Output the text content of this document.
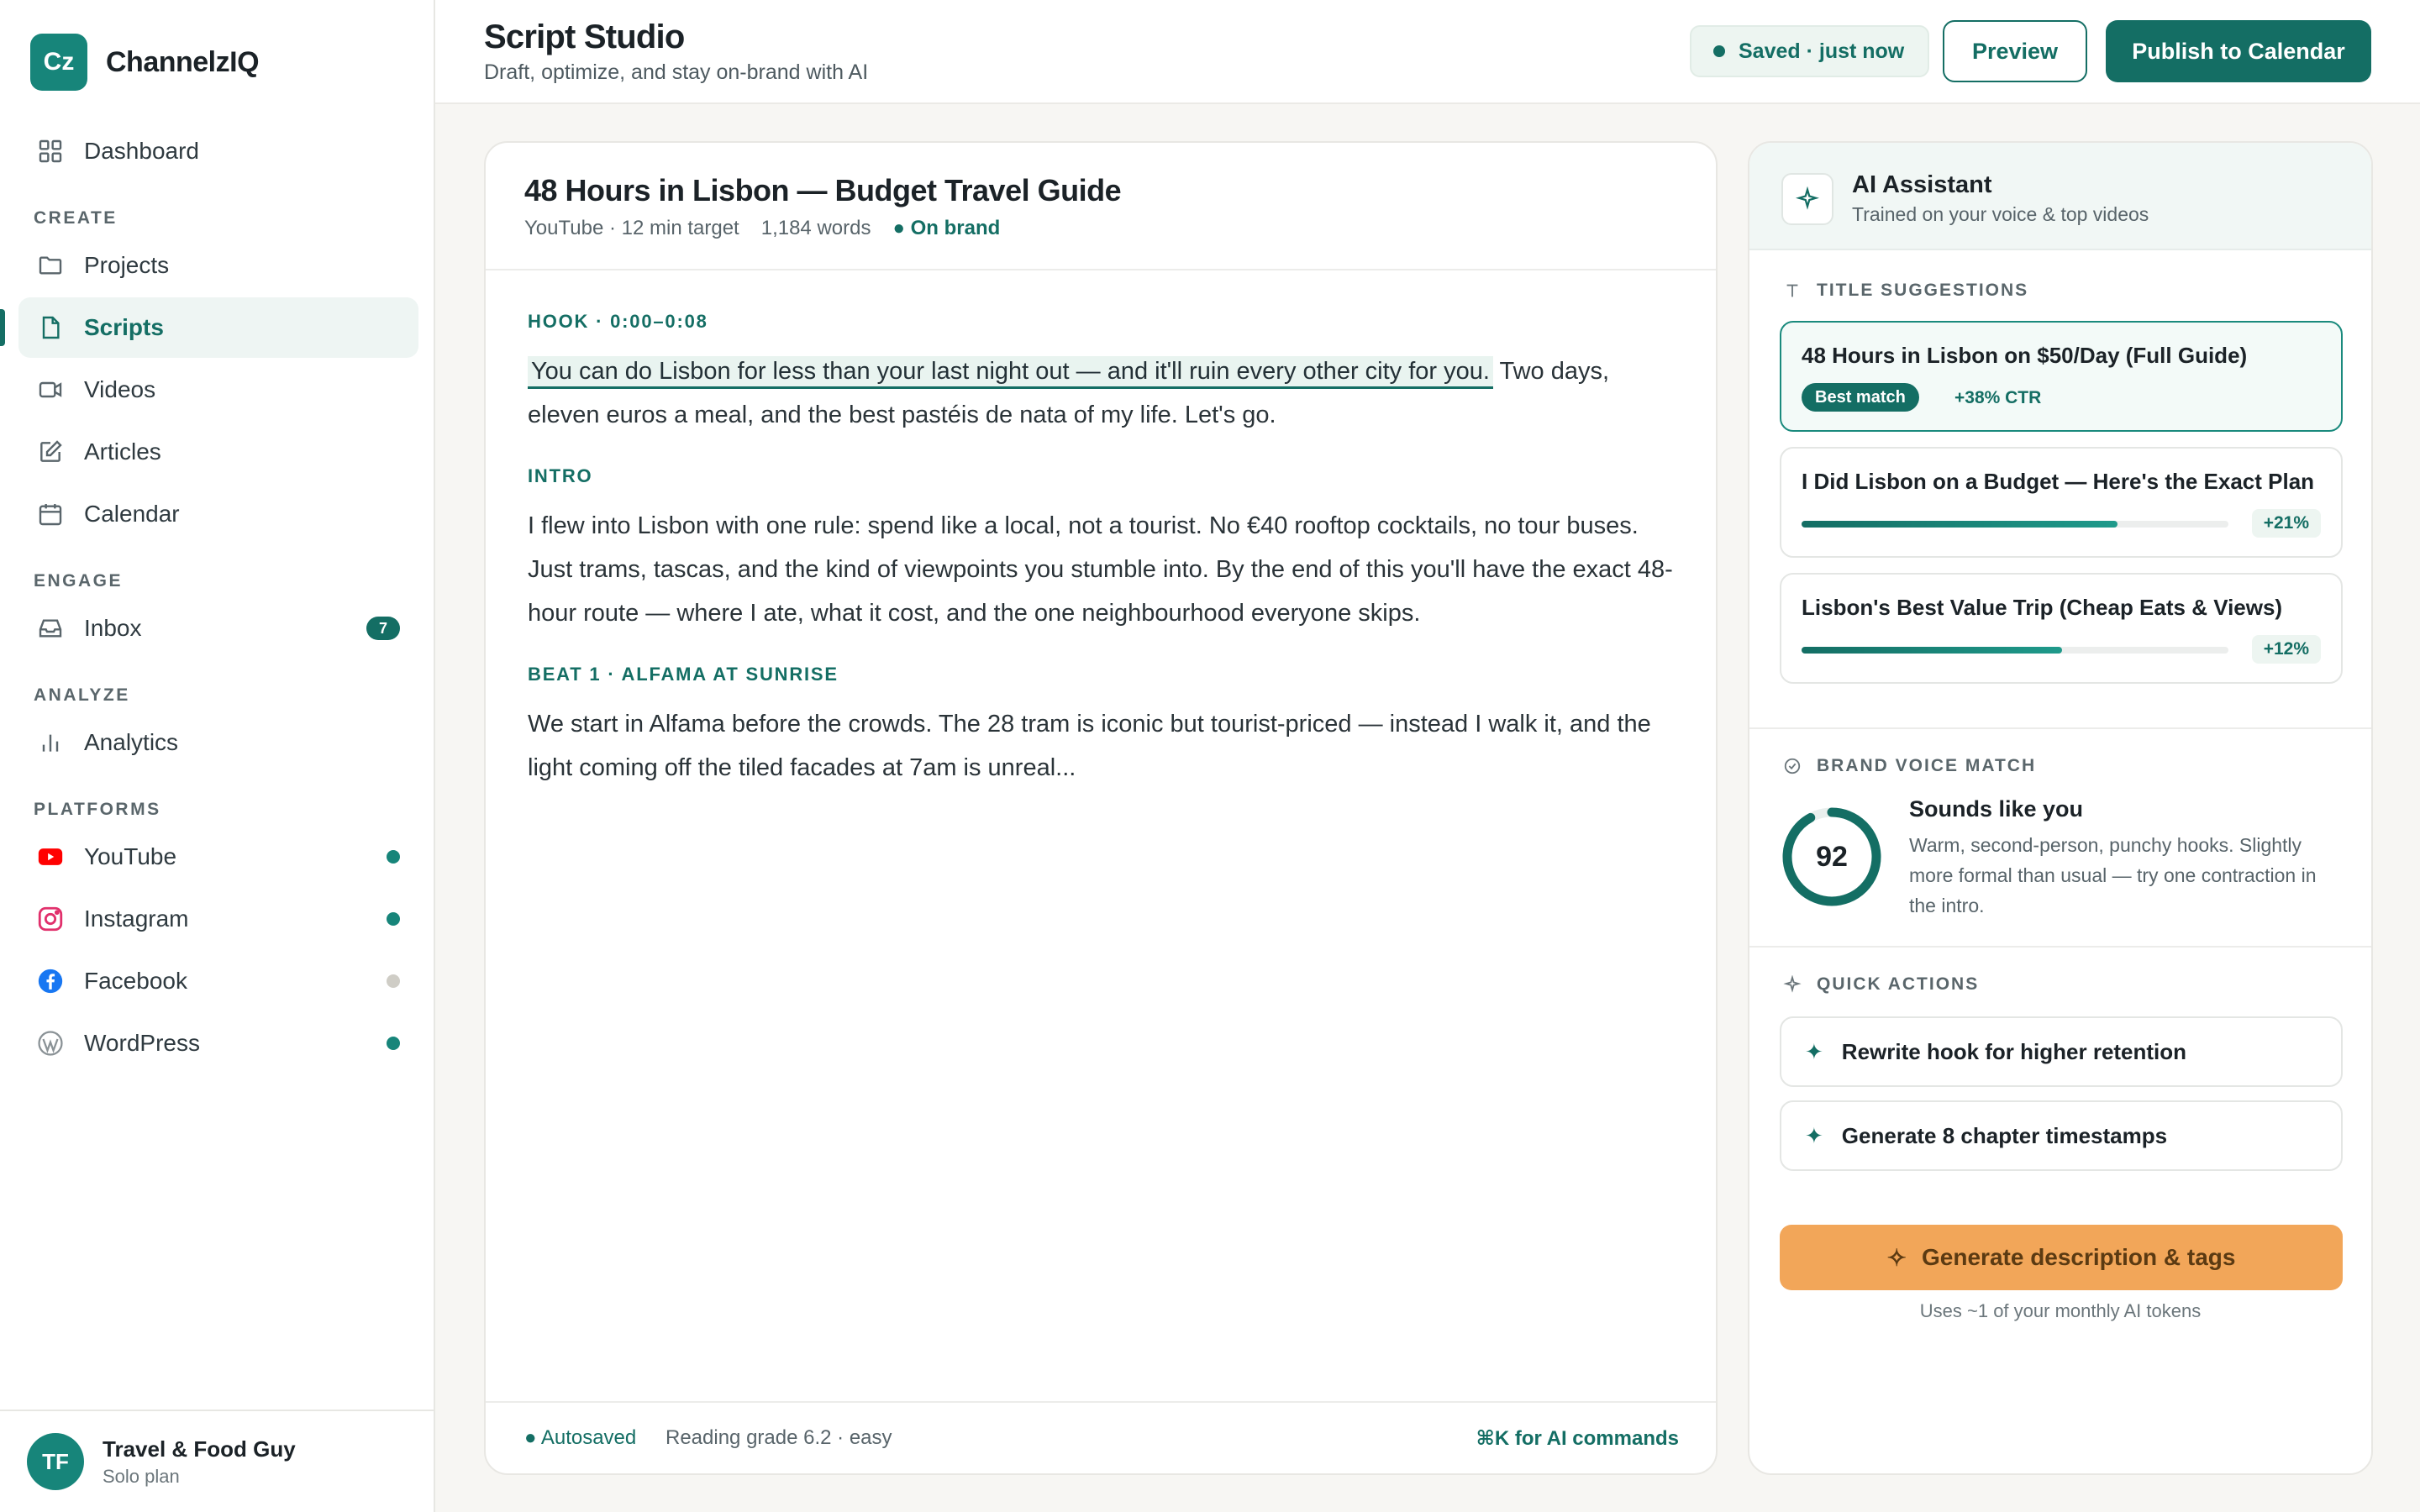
Cz	ChannelzIQ
Dashboard
CREATE
Projects
Scripts
Videos
Articles
Calendar
ENGAGE
Inbox	7
ANALYZE
Analytics
PLATFORMS
YouTube
Instagram
Facebook
WordPress
TF	Travel & Food Guy
Solo plan
Script Studio
Draft, optimize, and stay on-brand with AI
Saved · just now	Preview	Publish to Calendar
48 Hours in Lisbon — Budget Travel Guide
YouTube · 12 min target 1,184 words ● On brand
HOOK · 0:00–0:08

You can do Lisbon for less than your last night out — and it'll ruin every other city for you. Two days, eleven euros a meal, and the best pastéis de nata of my life. Let's go.

INTRO

I flew into Lisbon with one rule: spend like a local, not a tourist. No €40 rooftop cocktails, no tour buses. Just trams, tascas, and the kind of viewpoints you stumble into. By the end of this you'll have the exact 48-hour route — where I ate, what it cost, and the one neighbourhood everyone skips.

BEAT 1 · ALFAMA AT SUNRISE

We start in Alfama before the crowds. The 28 tram is iconic but tourist-priced — instead I walk it, and the light coming off the tiled facades at 7am is unreal...

● Autosaved Reading grade 6.2 · easy	⌘K for AI commands
AI Assistant
Trained on your voice & top videos
TITLE SUGGESTIONS
48 Hours in Lisbon on $50/Day (Full Guide)
Best match	+38% CTR
I Did Lisbon on a Budget — Here's the Exact Plan
+21%
Lisbon's Best Value Trip (Cheap Eats & Views)
+12%
BRAND VOICE MATCH
92
Sounds like you
Warm, second-person, punchy hooks. Slightly more formal than usual — try one contraction in the intro.
QUICK ACTIONS
✦ Rewrite hook for higher retention
✦ Generate 8 chapter timestamps
✧ Generate description & tags
Uses ~1 of your monthly AI tokens
